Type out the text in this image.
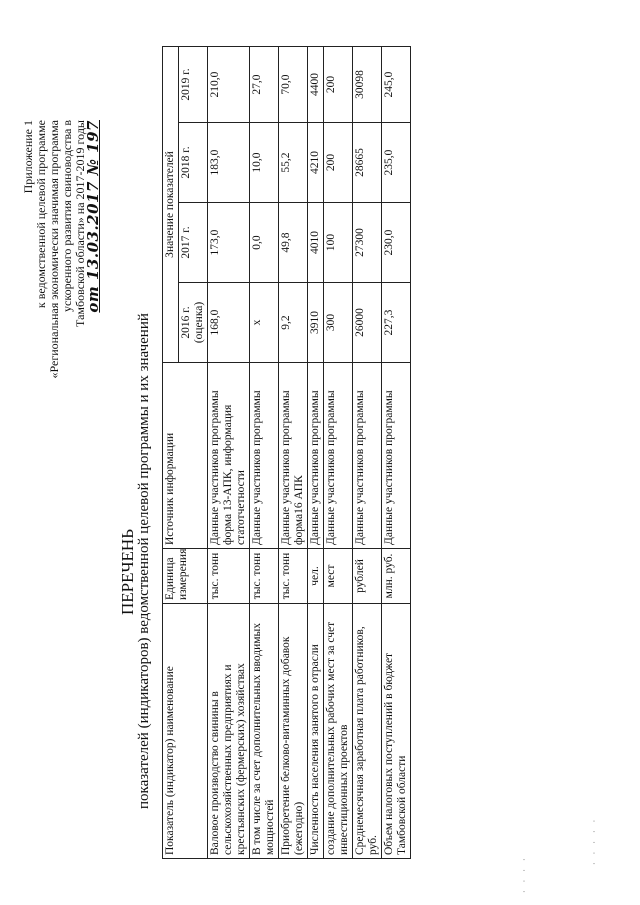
Приложение 1 к ведомственной целевой программе «Региональная экономически значимая программа ускоренного развития свиноводства в Тамбовской области» на 2017-2019 годы
от 13.03.2017 № 197
ПЕРЕЧЕНЬ показателей (индикаторов) ведомственной целевой программы и их значений Показатель (индикатор) наименование	Единица измерения	Источник информации	Значение показателей			
			2016 г. (оценка)	2017 г.	2018 г.	2019 г.
Валовое производство свинины в сельскохозяйственных предприятиях и крестьянских (фермерских) хозяйствах	тыс. тонн	Данные участников программы форма 13-АПК, информация статотчетности	168,0	173,0	183,0	210,0
В том числе за счет дополнительных вводимых мощностей	тыс. тонн	Данные участников программы	х	0,0	10,0	27,0
Приобретение белково-витаминных добавок (ежегодно)	тыс. тонн	Данные участников программы форма16 АПК	9,2	49,8	55,2	70,0
Численность населения занятого в отрасли	чел.	Данные участников программы	3910	4010	4210	4400
создание дополнительных рабочих мест за счет инвестиционных проектов	мест	Данные участников программы	300	100	200	200
Среднемесячная заработная плата работников, руб.	рублей	Данные участников программы	26000	27300	28665	30098
Объем налоговых поступлений в бюджет Тамбовской области	млн. руб.	Данные участников программы	227,3	230,0	235,0	245,0
· · · ·
· · · · ·
